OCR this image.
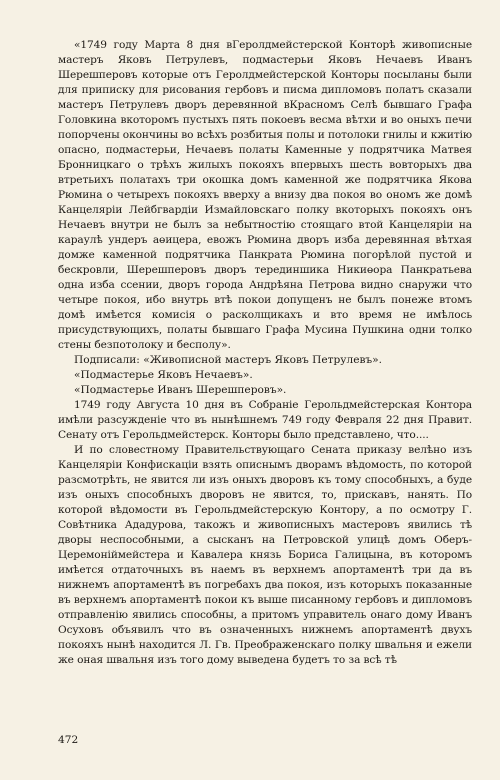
«1749 году Марта 8 дня вГеролдмейстерской Конторѣ живописные мастеръ Яковъ Петрулевъ, подмастерьи Яковъ Нечаевъ Иванъ Шерешперовъ которые отъ Геролдмейстерской Конторы посыланы были для приписку для рисования гербовъ и писма дипломовъ полатъ сказали мастеръ Петрулевъ дворъ деревянной вКрасномъ Селѣ бывшаго Графа Головкина вкоторомъ пустыхъ пять покоевъ весма вѣтхи и во оныхъ печи попорчены окончины во всѣхъ розбитыя полы и потолоки гнилы и кжитiю опасно, подмастерьи, Нечаевъ полаты Каменные у подрятчика Матвея Бронницкаго о трѣхъ жилыхъ покояхъ впервыхъ шесть вовторыхъ два втретьихъ полатахъ три окошка домъ каменной же подрятчика Якова Рюмина о четырехъ покояхъ вверху а внизу два покоя во ономъ же домѣ Канцелярiи Лейбгвардiи Измайловскаго полку вкоторыхъ покояхъ онъ Нечаевъ внутри не былъ за небытностiю стоящаго втой Канцелярiи на караулѣ ундеръ аөицера, евожъ Рюмина дворъ изба деревянная вѣтхая домже каменной подрятчика Панкрата Рюмина погорѣлой пустой и бескровли, Шерешперовъ дворъ терединшика Никиөора Панкратьева одна изба ссении, дворъ города Андрѣяна Петрова видно снаружи что четыре покоя, ибо внутрь втѣ покои допущенъ не былъ понеже втомъ домѣ имѣется комисiя о расколщикахъ и вто время не имѣлось присудствующихъ, полаты бывшаго Графа Мусина Пушкина одни толко стены безпотолоку и бесполу».

Подписали: «Живописной мастеръ Яковъ Петрулевъ».

«Подмастерье Яковъ Нечаевъ».

«Подмастерье Иванъ Шерешперовъ».

1749 году Августа 10 дня въ Собранiе Герольдмейстерская Контора имѣли разсужденiе что въ нынѣшнемъ 749 году Февраля 22 дня Правит. Сенату отъ Герольдмейстерск. Конторы было представлено, что....

И по словестному Правительствующаго Сената приказу велѣно изъ Канцелярiи Конфискацiи взять описнымъ дворамъ вѣдомость, по которой разсмотрѣть, не явится ли изъ оныхъ дворовъ къ тому способныхъ, а буде изъ оныхъ способныхъ дворовъ не явится, то, прискавъ, нанять. По которой вѣдомости въ Герольдмейстерскую Контору, а по осмотру Г. Совѣтника Ададурова, такожъ и живописныхъ мастеровъ явились тѣ дворы неспособными, а сысканъ на Петровской улицѣ домъ Оберъ-Церемонiймейстера и Кавалера князь Бориса Галицына, въ которомъ имѣется отдаточныхъ въ наемъ въ верхнемъ апортаментѣ три да въ нижнемъ апортаментѣ въ погребахъ два покоя, изъ которыхъ показанные въ верхнемъ апортаментѣ покои къ выше писанному гербовъ и дипломовъ отправленiю явились способны, а притомъ управитель онаго дому Иванъ Осуховъ объявилъ что въ означенныхъ нижнемъ апортаментѣ двухъ покояхъ нынѣ находится Л. Гв. Преображенскаго полку швальня и ежели же оная швальня изъ того дому выведена будетъ то за всѣ тѣ

472
